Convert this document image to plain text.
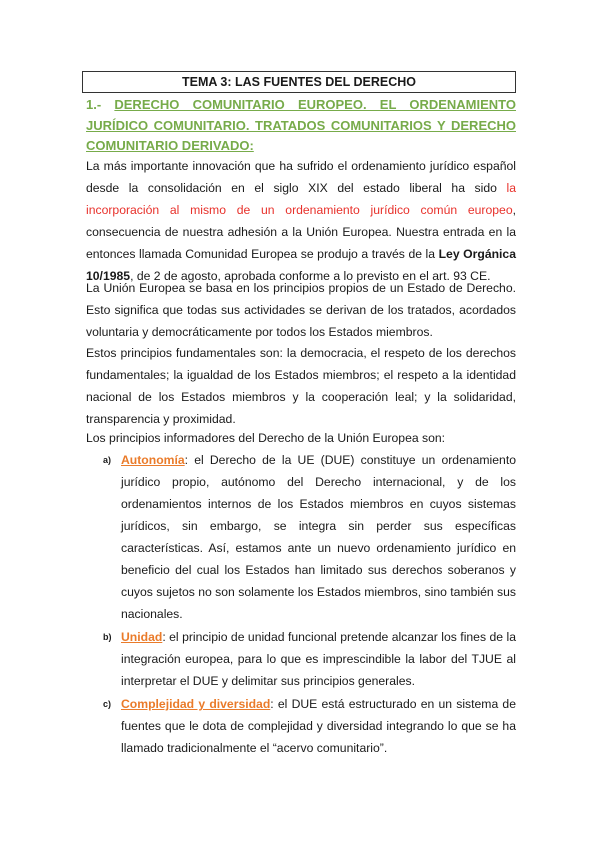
TEMA 3: LAS FUENTES DEL DERECHO
1.- DERECHO COMUNITARIO EUROPEO. EL ORDENAMIENTO JURÍDICO COMUNITARIO. TRATADOS COMUNITARIOS Y DERECHO COMUNITARIO DERIVADO:
La más importante innovación que ha sufrido el ordenamiento jurídico español desde la consolidación en el siglo XIX del estado liberal ha sido la incorporación al mismo de un ordenamiento jurídico común europeo, consecuencia de nuestra adhesión a la Unión Europea. Nuestra entrada en la entonces llamada Comunidad Europea se produjo a través de la Ley Orgánica 10/1985, de 2 de agosto, aprobada conforme a lo previsto en el art. 93 CE.
La Unión Europea se basa en los principios propios de un Estado de Derecho. Esto significa que todas sus actividades se derivan de los tratados, acordados voluntaria y democráticamente por todos los Estados miembros.
Estos principios fundamentales son: la democracia, el respeto de los derechos fundamentales; la igualdad de los Estados miembros; el respeto a la identidad nacional de los Estados miembros y la cooperación leal; y la solidaridad, transparencia y proximidad.
Los principios informadores del Derecho de la Unión Europea son:
a) Autonomía: el Derecho de la UE (DUE) constituye un ordenamiento jurídico propio, autónomo del Derecho internacional, y de los ordenamientos internos de los Estados miembros en cuyos sistemas jurídicos, sin embargo, se integra sin perder sus específicas características. Así, estamos ante un nuevo ordenamiento jurídico en beneficio del cual los Estados han limitado sus derechos soberanos y cuyos sujetos no son solamente los Estados miembros, sino también sus nacionales.
b) Unidad: el principio de unidad funcional pretende alcanzar los fines de la integración europea, para lo que es imprescindible la labor del TJUE al interpretar el DUE y delimitar sus principios generales.
c) Complejidad y diversidad: el DUE está estructurado en un sistema de fuentes que le dota de complejidad y diversidad integrando lo que se ha llamado tradicionalmente el “acervo comunitario”.
